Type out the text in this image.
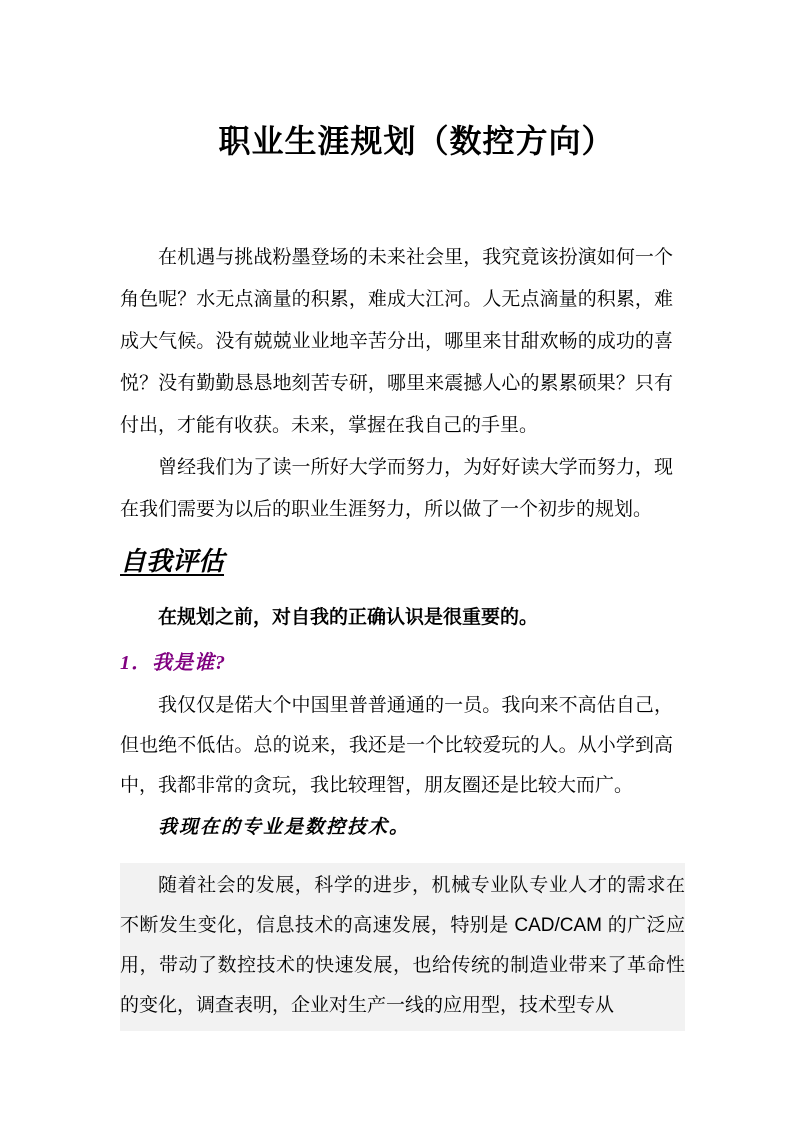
职业生涯规划（数控方向）

在机遇与挑战粉墨登场的未来社会里，我究竟该扮演如何一个角色呢？水无点滴量的积累，难成大江河。人无点滴量的积累，难成大气候。没有兢兢业业地辛苦分出，哪里来甘甜欢畅的成功的喜悦？没有勤勤恳恳地刻苦专研，哪里来震撼人心的累累硕果？只有付出，才能有收获。未来，掌握在我自己的手里。

曾经我们为了读一所好大学而努力，为好好读大学而努力，现在我们需要为以后的职业生涯努力，所以做了一个初步的规划。

自我评估

在规划之前，对自我的正确认识是很重要的。

1．我是谁?

我仅仅是偌大个中国里普普通通的一员。我向来不高估自己，但也绝不低估。总的说来，我还是一个比较爱玩的人。从小学到高中，我都非常的贪玩，我比较理智，朋友圈还是比较大而广。

我现在的专业是数控技术。

随着社会的发展，科学的进步，机械专业队专业人才的需求在不断发生变化，信息技术的高速发展，特别是 CAD/CAM 的广泛应用，带动了数控技术的快速发展，也给传统的制造业带来了革命性的变化，调查表明，企业对生产一线的应用型，技术型专从
